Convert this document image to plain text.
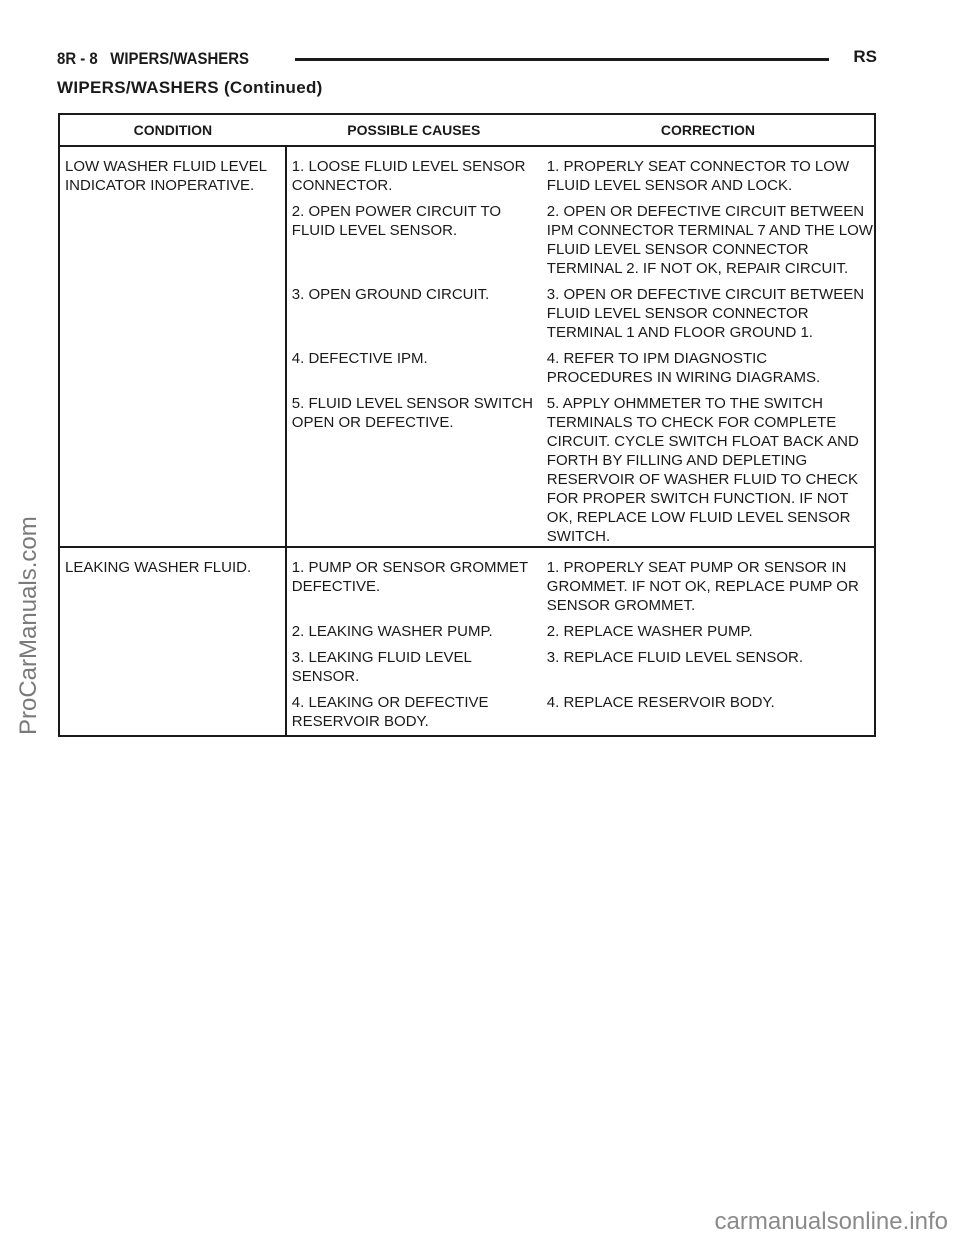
8R - 8 WIPERS/WASHERS	RS
WIPERS/WASHERS (Continued)
CONDITION	POSSIBLE CAUSES	CORRECTION
LOW WASHER FLUID LEVEL INDICATOR INOPERATIVE.	1. LOOSE FLUID LEVEL SENSOR CONNECTOR.	1. PROPERLY SEAT CONNECTOR TO LOW FLUID LEVEL SENSOR AND LOCK.
	2. OPEN POWER CIRCUIT TO FLUID LEVEL SENSOR.	2. OPEN OR DEFECTIVE CIRCUIT BETWEEN IPM CONNECTOR TERMINAL 7 AND THE LOW FLUID LEVEL SENSOR CONNECTOR TERMINAL 2. IF NOT OK, REPAIR CIRCUIT.
	3. OPEN GROUND CIRCUIT.	3. OPEN OR DEFECTIVE CIRCUIT BETWEEN FLUID LEVEL SENSOR CONNECTOR TERMINAL 1 AND FLOOR GROUND 1.
	4. DEFECTIVE IPM.	4. REFER TO IPM DIAGNOSTIC PROCEDURES IN WIRING DIAGRAMS.
	5. FLUID LEVEL SENSOR SWITCH OPEN OR DEFECTIVE.	5. APPLY OHMMETER TO THE SWITCH TERMINALS TO CHECK FOR COMPLETE CIRCUIT. CYCLE SWITCH FLOAT BACK AND FORTH BY FILLING AND DEPLETING RESERVOIR OF WASHER FLUID TO CHECK FOR PROPER SWITCH FUNCTION. IF NOT OK, REPLACE LOW FLUID LEVEL SENSOR SWITCH.
LEAKING WASHER FLUID.	1. PUMP OR SENSOR GROMMET DEFECTIVE.	1. PROPERLY SEAT PUMP OR SENSOR IN GROMMET. IF NOT OK, REPLACE PUMP OR SENSOR GROMMET.
	2. LEAKING WASHER PUMP.	2. REPLACE WASHER PUMP.
	3. LEAKING FLUID LEVEL SENSOR.	3. REPLACE FLUID LEVEL SENSOR.
	4. LEAKING OR DEFECTIVE RESERVOIR BODY.	4. REPLACE RESERVOIR BODY.
ProCarManuals.com
carmanualsonline.info
